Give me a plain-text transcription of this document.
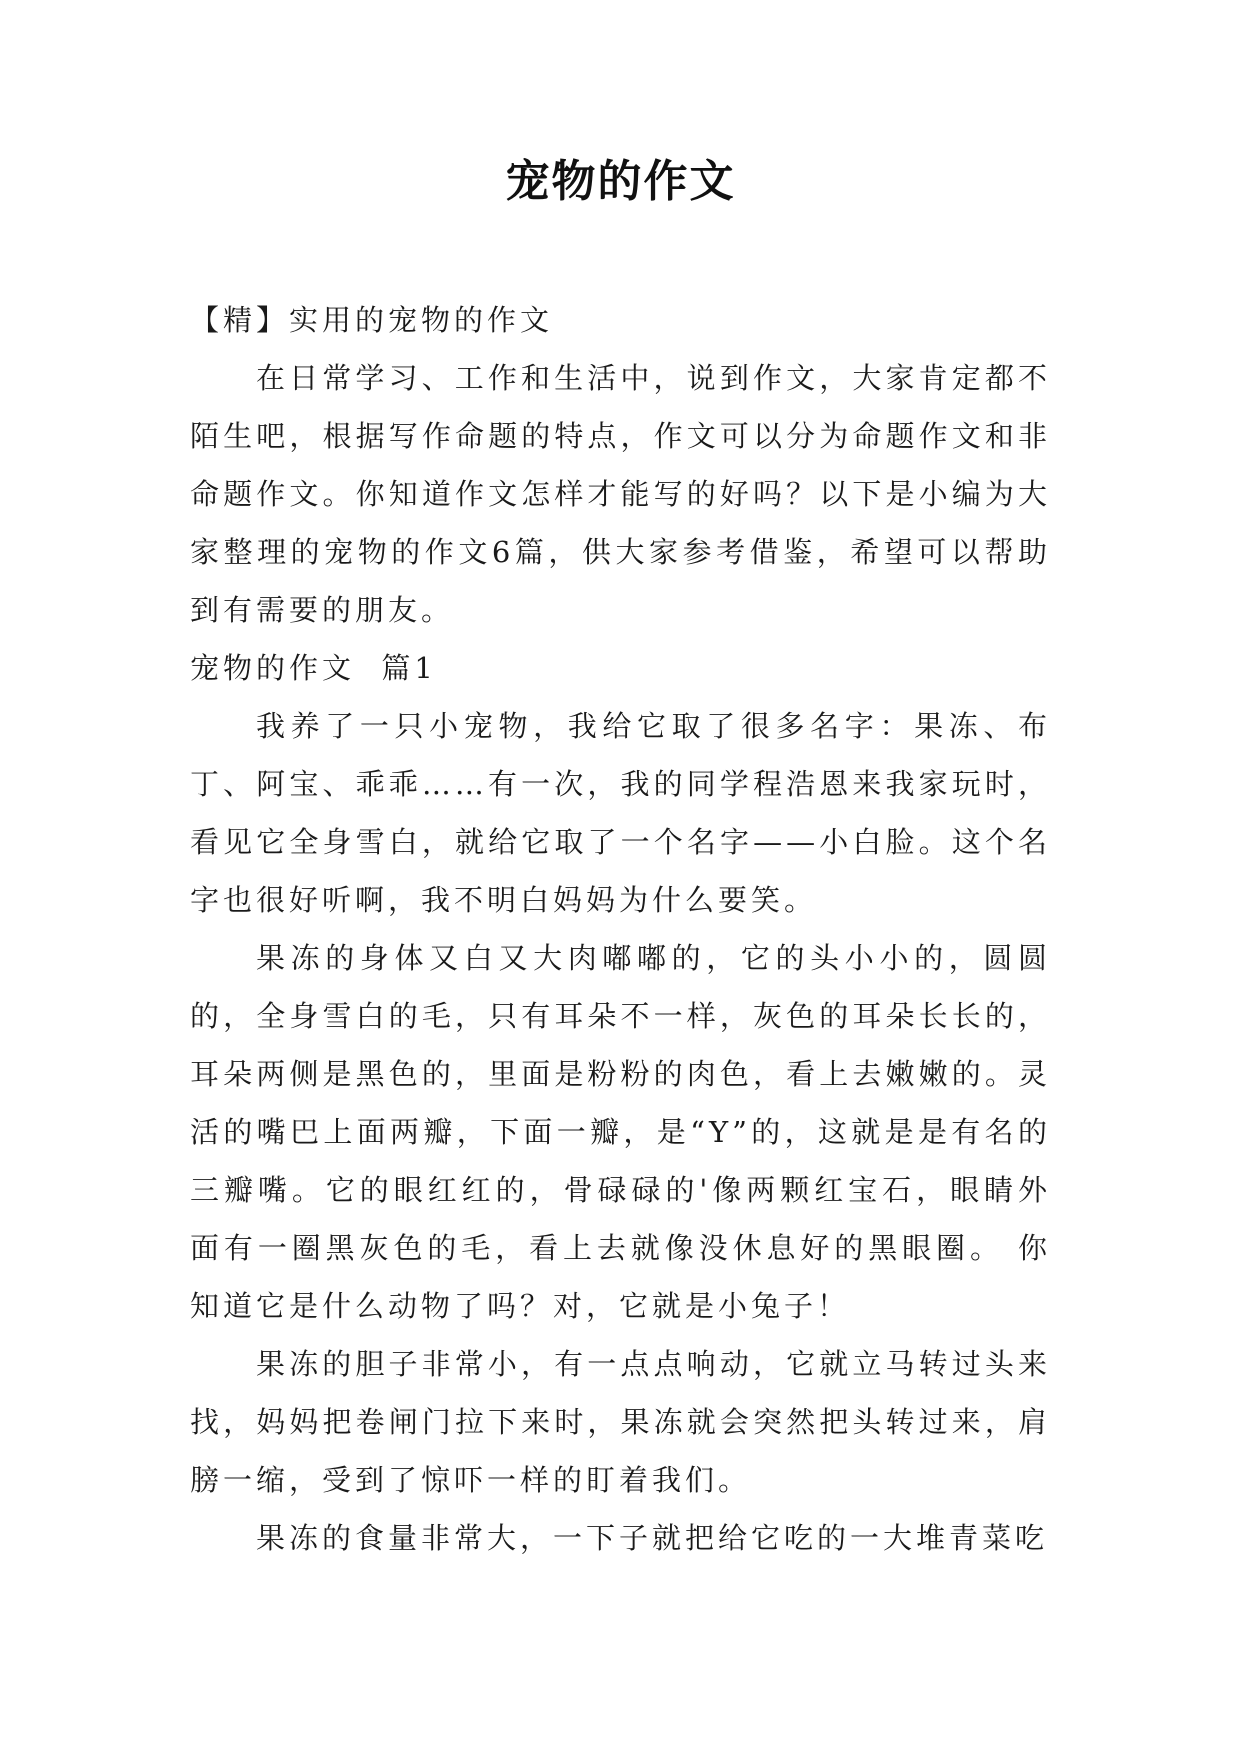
宠物的作文

【精】实用的宠物的作文

在日常学习、工作和生活中，说到作文，大家肯定都不陌生吧，根据写作命题的特点，作文可以分为命题作文和非命题作文。你知道作文怎样才能写的好吗？以下是小编为大家整理的宠物的作文6篇，供大家参考借鉴，希望可以帮助到有需要的朋友。

宠物的作文  篇1

我养了一只小宠物，我给它取了很多名字：果冻、布丁、阿宝、乖乖……有一次，我的同学程浩恩来我家玩时，看见它全身雪白，就给它取了一个名字——小白脸。这个名字也很好听啊，我不明白妈妈为什么要笑。

果冻的身体又白又大肉嘟嘟的，它的头小小的，圆圆的，全身雪白的毛，只有耳朵不一样，灰色的耳朵长长的，耳朵两侧是黑色的，里面是粉粉的肉色，看上去嫩嫩的。灵活的嘴巴上面两瓣，下面一瓣，是“Y”的，这就是是有名的三瓣嘴。它的眼红红的，骨碌碌的'像两颗红宝石，眼睛外面有一圈黑灰色的毛，看上去就像没休息好的黑眼圈。 你知道它是什么动物了吗？对，它就是小兔子！

果冻的胆子非常小，有一点点响动，它就立马转过头来找，妈妈把卷闸门拉下来时，果冻就会突然把头转过来，肩膀一缩，受到了惊吓一样的盯着我们。

果冻的食量非常大，一下子就把给它吃的一大堆青菜吃
